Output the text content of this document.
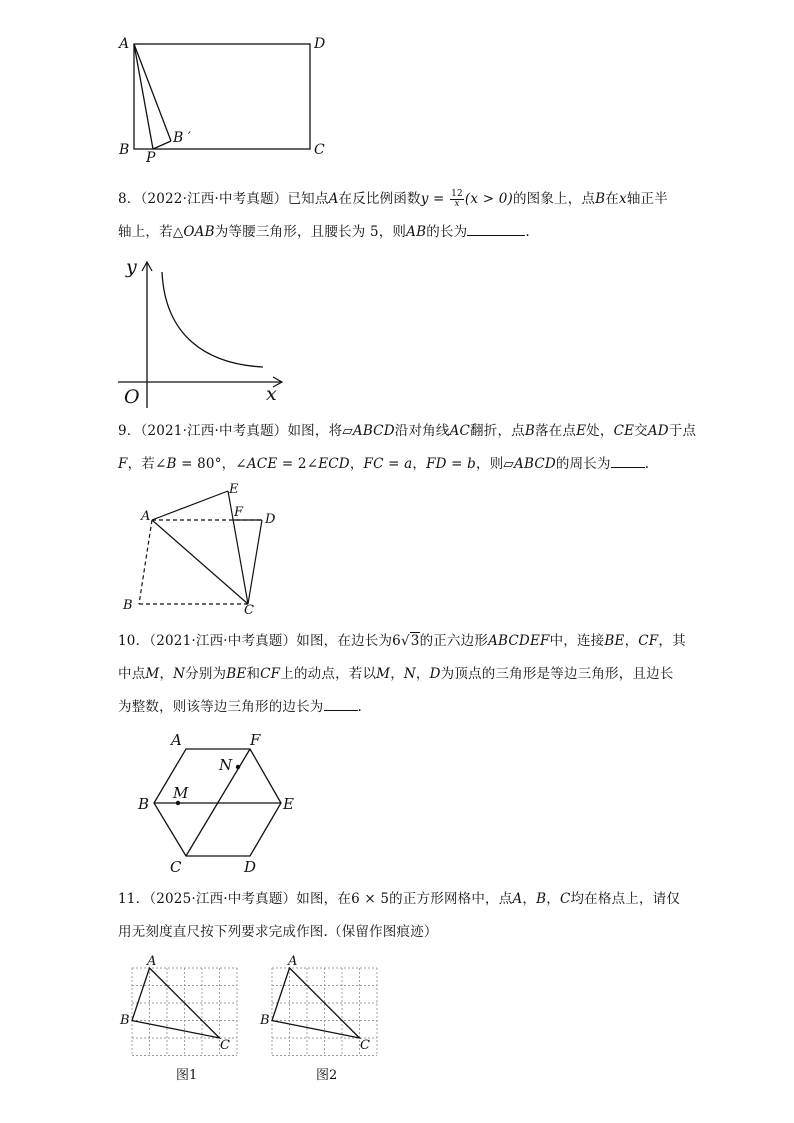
A	D
B	C
P
B ′
8．（2022·江西·中考真题）已知点A在反比例函数$y = \frac{12}{x}(x > 0)$的图象上，点B在x轴正半
轴上，若△OAB为等腰三角形，且腰长为 5，则AB的长为	.
y
x
O
9．（2021·江西·中考真题）如图，将▱ABCD沿对角线AC翻折，点B落在点E处，CE交AD于点
F，若∠B = 80°，∠ACE = 2∠ECD，FC = a，FD = b，则▱ABCD的周长为	.
A
E
F D
B	C
10．（2021·江西·中考真题）如图，在边长为6√3的正六边形ABCDEF中，连接BE，CF，其
中点M，N分别为BE和CF上的动点，若以M，N，D为顶点的三角形是等边三角形，且边长
为整数，则该等边三角形的边长为	.
A	F
N
B
M
E
C	D
11．（2025·江西·中考真题）如图，在6 × 5的正方形网格中，点A，B，C均在格点上，请仅
用无刻度直尺按下列要求完成作图.（保留作图痕迹）
A
B
C
A
B
C
图1	图2
